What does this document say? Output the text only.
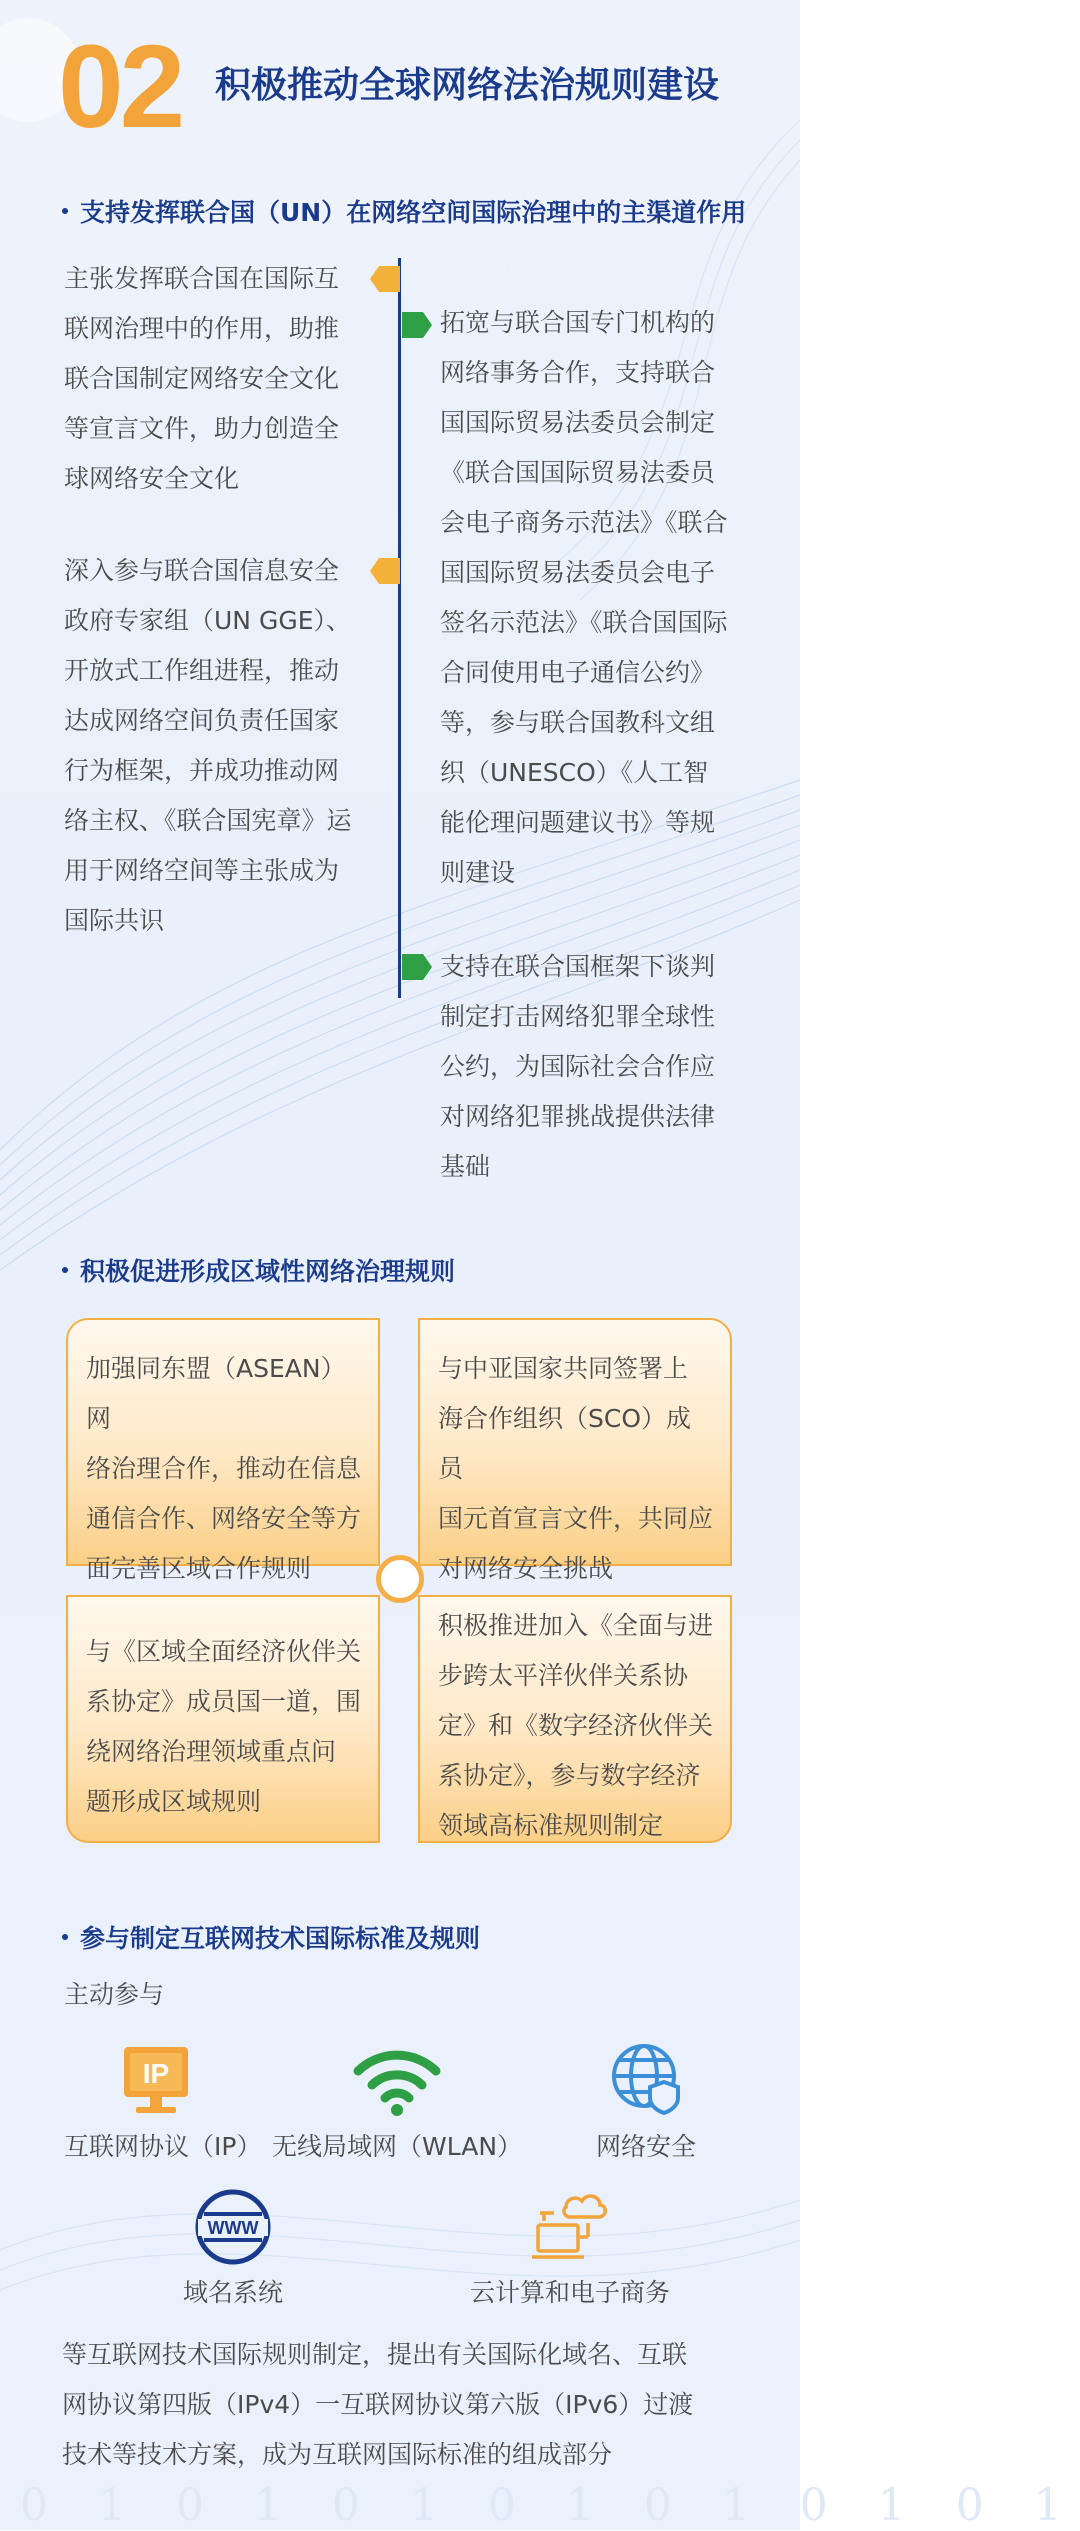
02 积极推动全球网络法治规则建设
支持发挥联合国（UN）在网络空间国际治理中的主渠道作用
主张发挥联合国在国际互
联网治理中的作用，助推
联合国制定网络安全文化
等宣言文件，助力创造全
球网络安全文化
深入参与联合国信息安全
政府专家组（UN GGE）、
开放式工作组进程，推动
达成网络空间负责任国家
行为框架，并成功推动网
络主权、《联合国宪章》运
用于网络空间等主张成为
国际共识
拓宽与联合国专门机构的
网络事务合作，支持联合
国国际贸易法委员会制定
《联合国国际贸易法委员
会电子商务示范法》《联合
国国际贸易法委员会电子
签名示范法》《联合国国际
合同使用电子通信公约》
等，参与联合国教科文组
织（UNESCO）《人工智
能伦理问题建议书》等规
则建设
支持在联合国框架下谈判
制定打击网络犯罪全球性
公约，为国际社会合作应
对网络犯罪挑战提供法律
基础
积极促进形成区域性网络治理规则
加强同东盟（ASEAN）网
络治理合作，推动在信息
通信合作、网络安全等方
面完善区域合作规则
与中亚国家共同签署上
海合作组织（SCO）成员
国元首宣言文件，共同应
对网络安全挑战
与《区域全面经济伙伴关
系协定》成员国一道，围
绕网络治理领域重点问
题形成区域规则
积极推进加入《全面与进
步跨太平洋伙伴关系协
定》和《数字经济伙伴关
系协定》，参与数字经济
领域高标准规则制定
参与制定互联网技术国际标准及规则
主动参与
IP
互联网协议（IP） 无线局域网（WLAN）	网络安全
WWW
域名系统	云计算和电子商务
等互联网技术国际规则制定，提出有关国际化域名、互联
网协议第四版（IPv4）一互联网协议第六版（IPv6）过渡
技术等技术方案，成为互联网国际标准的组成部分
0 1 0 1 0 1 0 1 0 1 0 1 0 1
